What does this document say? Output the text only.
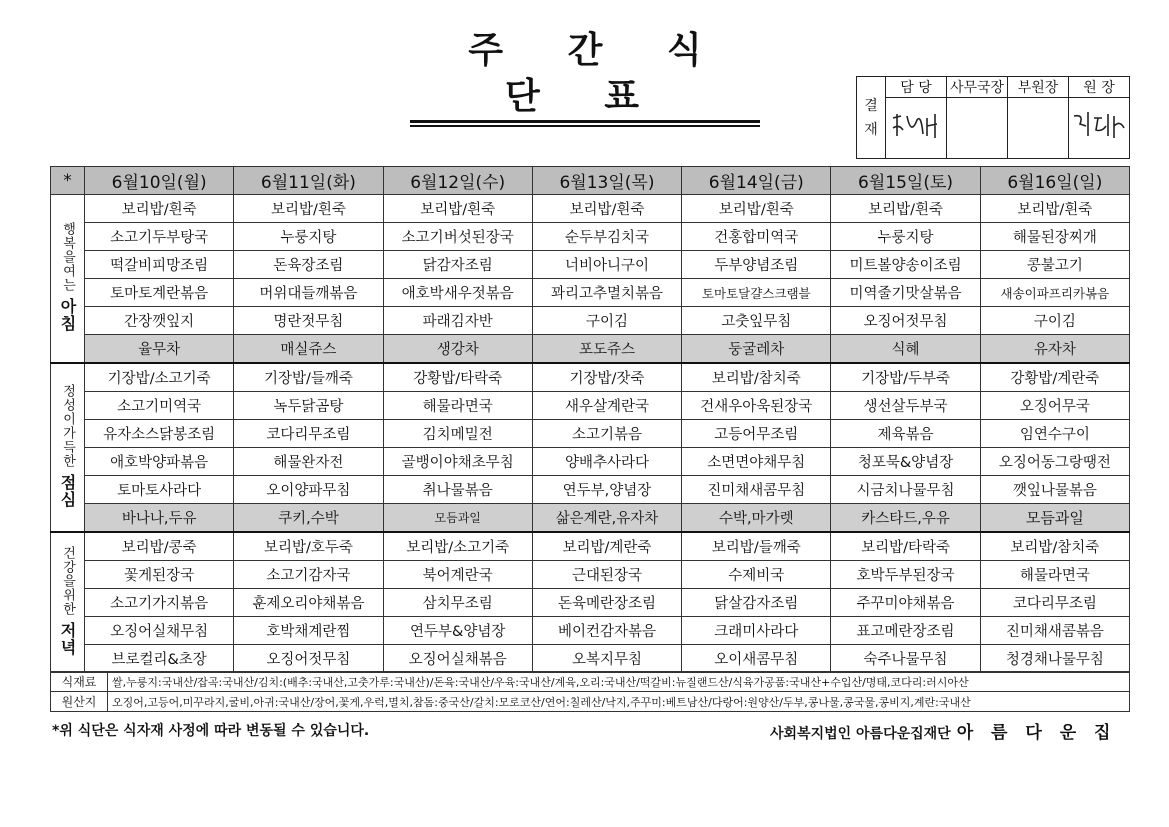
주 간 식 단 표	결 재	담 당	사무국장	부원장	원 장

*	6월10일(월)	6월11일(화)	6월12일(수)	6월13일(목)	6월14일(금)	6월15일(토)	6월16일(일)
행복을여는아침	보리밥/흰죽	보리밥/흰죽	보리밥/흰죽	보리밥/흰죽	보리밥/흰죽	보리밥/흰죽	보리밥/흰죽
	소고기두부탕국	누룽지탕	소고기버섯된장국	순두부김치국	건홍합미역국	누룽지탕	해물된장찌개
	떡갈비피망조림	돈육장조림	닭감자조림	너비아니구이	두부양념조림	미트볼양송이조림	콩불고기
	토마토계란볶음	머위대들깨볶음	애호박새우젓볶음	꽈리고추멸치볶음	토마토달걀스크램블	미역줄기맛살볶음	새송이파프리카볶음
	간장깻잎지	명란젓무침	파래김자반	구이김	고춧잎무침	오징어젓무침	구이김
	율무차	매실쥬스	생강차	포도쥬스	둥굴레차	식혜	유자차
정성이가득한점심	기장밥/소고기죽	기장밥/들깨죽	강황밥/타락죽	기장밥/잣죽	보리밥/참치죽	기장밥/두부죽	강황밥/계란죽
	소고기미역국	녹두닭곰탕	해물라면국	새우살계란국	건새우아욱된장국	생선살두부국	오징어무국
	유자소스닭봉조림	코다리무조림	김치메밀전	소고기볶음	고등어무조림	제육볶음	임연수구이
	애호박양파볶음	해물완자전	골뱅이야채초무침	양배추사라다	소면면야채무침	청포묵&양념장	오징어동그랑땡전
	토마토사라다	오이양파무침	취나물볶음	연두부,양념장	진미채새콤무침	시금치나물무침	깻잎나물볶음
	바나나,두유	쿠키,수박	모듬과일	삶은계란,유자차	수박,마가렛	카스타드,우유	모듬과일
건강을위한저녁	보리밥/콩죽	보리밥/호두죽	보리밥/소고기죽	보리밥/계란죽	보리밥/들깨죽	보리밥/타락죽	보리밥/참치죽
	꽃게된장국	소고기감자국	북어계란국	근대된장국	수제비국	호박두부된장국	해물라면국
	소고기가지볶음	훈제오리야채볶음	삼치무조림	돈육메란장조림	닭살감자조림	주꾸미야채볶음	코다리무조림
	오징어실채무침	호박채계란찜	연두부&양념장	베이컨감자볶음	크래미사라다	표고메란장조림	진미채새콤볶음
	브로컬리&초장	오징어젓무침	오징어실채볶음	오복지무침	오이새콤무침	숙주나물무침	청경채나물무침
식재료	쌀,누룽지:국내산/잡곡:국내산/김치:(배추:국내산,고춧가루:국내산)/돈육:국내산/우육:국내산/계육,오리:국내산/떡갈비:뉴질랜드산/식육가공품:국내산+수입산/명태,코다리:러시아산
원산지	오징어,고등어,미꾸라지,굴비,아귀:국내산/장어,꽃게,우럭,멸치,참돔:중국산/갈치:모로코산/연어:칠레산/낙지,주꾸미:베트남산/다랑어:원양산/두부,콩나물,콩국물,콩비지,계란:국내산
*위 식단은 식자재 사정에 따라 변동될 수 있습니다.	사회복지법인 아름다운집재단 아 름 다 운 집
